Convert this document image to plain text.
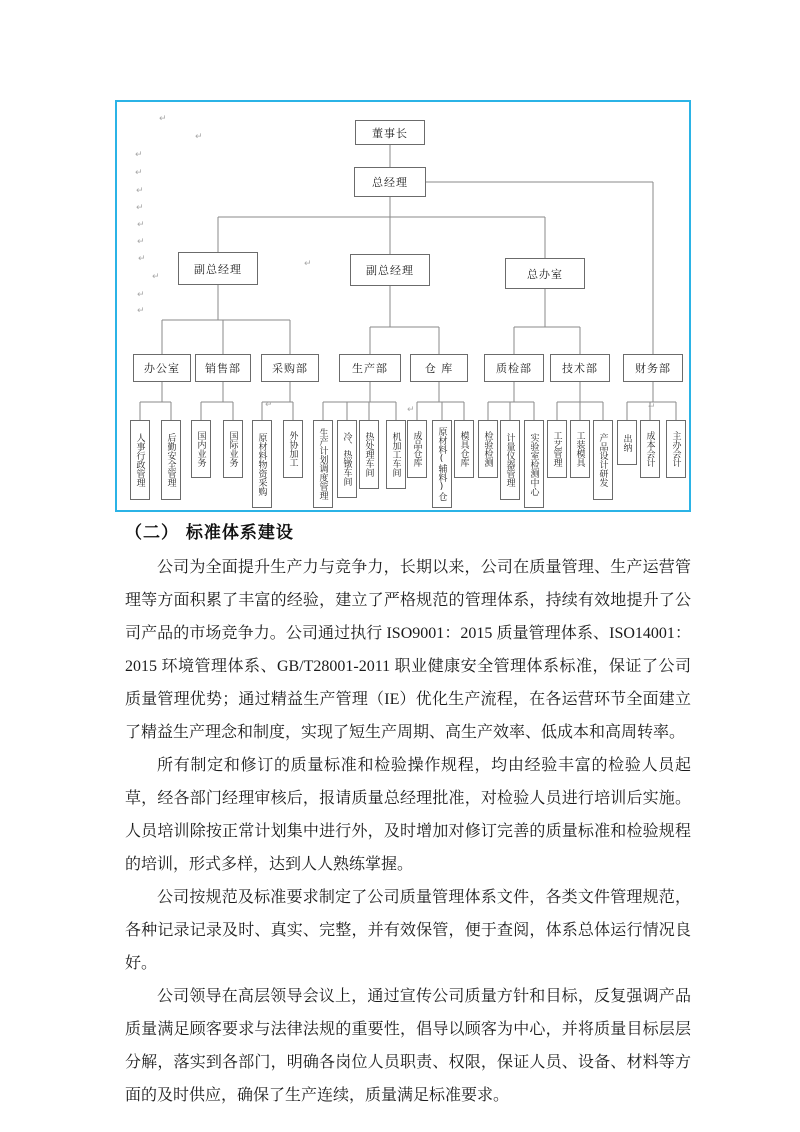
董事长
总经理
副总经理	副总经理	总办室
办公室	销售部	采购部	生产部	仓 库	质检部	技术部	财务部
人事行政管理	后勤安全管理	国内业务	国际业务	原材料物资采购	外协加工	生产计划调度管理	冷、热镦车间	热处理车间	机加工车间	成品仓库	原材料(辅料)仓	模具仓库	检验检测	计量仪器管理	实验室检测中心	工艺管理	工装模具	产品设计研发	出纳	成本会计	主办会计
↵
↵
↵
↵
↵
↵
↵
↵
↵
↵
↵
↵
↵
↵	↵	↵
（二） 标准体系建设

公司为全面提升生产力与竞争力，长期以来，公司在质量管理、生产运营管理等方面积累了丰富的经验，建立了严格规范的管理体系，持续有效地提升了公司产品的市场竞争力。公司通过执行 ISO9001：2015 质量管理体系、ISO14001：2015 环境管理体系、GB/T28001-2011 职业健康安全管理体系标准，保证了公司质量管理优势；通过精益生产管理（IE）优化生产流程，在各运营环节全面建立了精益生产理念和制度，实现了短生产周期、高生产效率、低成本和高周转率。

所有制定和修订的质量标准和检验操作规程，均由经验丰富的检验人员起草，经各部门经理审核后，报请质量总经理批准，对检验人员进行培训后实施。人员培训除按正常计划集中进行外，及时增加对修订完善的质量标准和检验规程的培训，形式多样，达到人人熟练掌握。

公司按规范及标准要求制定了公司质量管理体系文件，各类文件管理规范，各种记录记录及时、真实、完整，并有效保管，便于查阅，体系总体运行情况良好。

公司领导在高层领导会议上，通过宣传公司质量方针和目标，反复强调产品质量满足顾客要求与法律法规的重要性，倡导以顾客为中心，并将质量目标层层分解，落实到各部门，明确各岗位人员职责、权限，保证人员、设备、材料等方面的及时供应，确保了生产连续，质量满足标准要求。
